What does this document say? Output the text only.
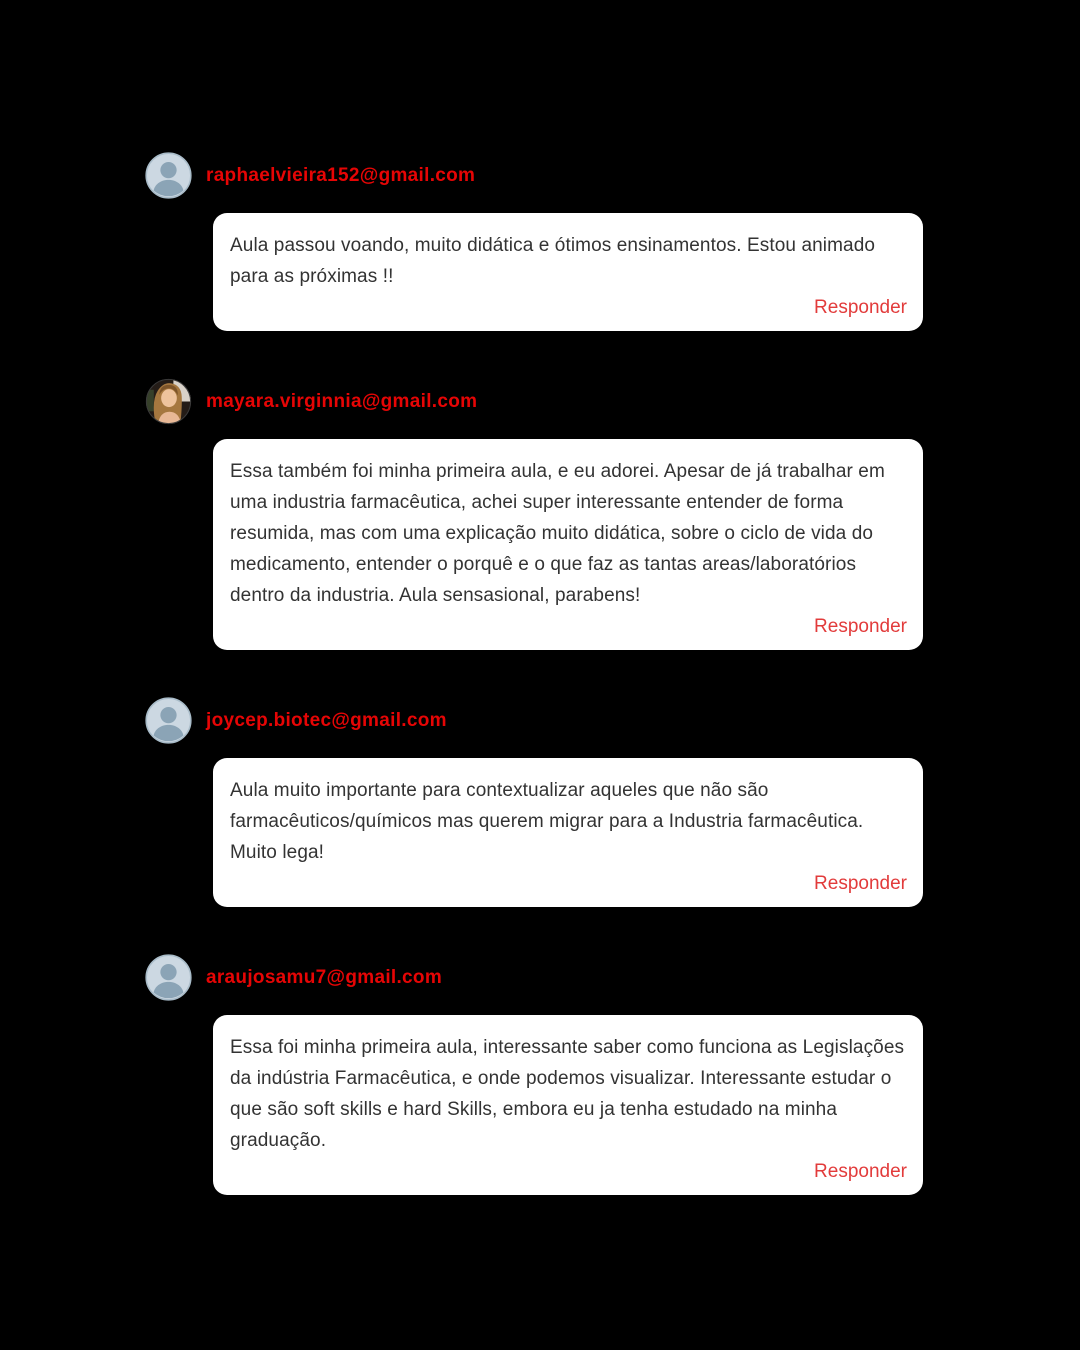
raphaelvieira152@gmail.com

Aula passou voando, muito didática e ótimos ensinamentos. Estou animado para as próximas !!

Responder
mayara.virginnia@gmail.com

Essa também foi minha primeira aula, e eu adorei. Apesar de já trabalhar em uma industria farmacêutica, achei super interessante entender de forma resumida, mas com uma explicação muito didática, sobre o ciclo de vida do medicamento, entender o porquê e o que faz as tantas areas/laboratórios dentro da industria. Aula sensasional, parabens!

Responder
joycep.biotec@gmail.com

Aula muito importante para contextualizar aqueles que não são farmacêuticos/químicos mas querem migrar para a Industria farmacêutica. Muito lega!

Responder
araujosamu7@gmail.com

Essa foi minha primeira aula, interessante saber como funciona as Legislações da indústria Farmacêutica, e onde podemos visualizar. Interessante estudar o que são soft skills e hard Skills, embora eu ja tenha estudado na minha graduação.

Responder
